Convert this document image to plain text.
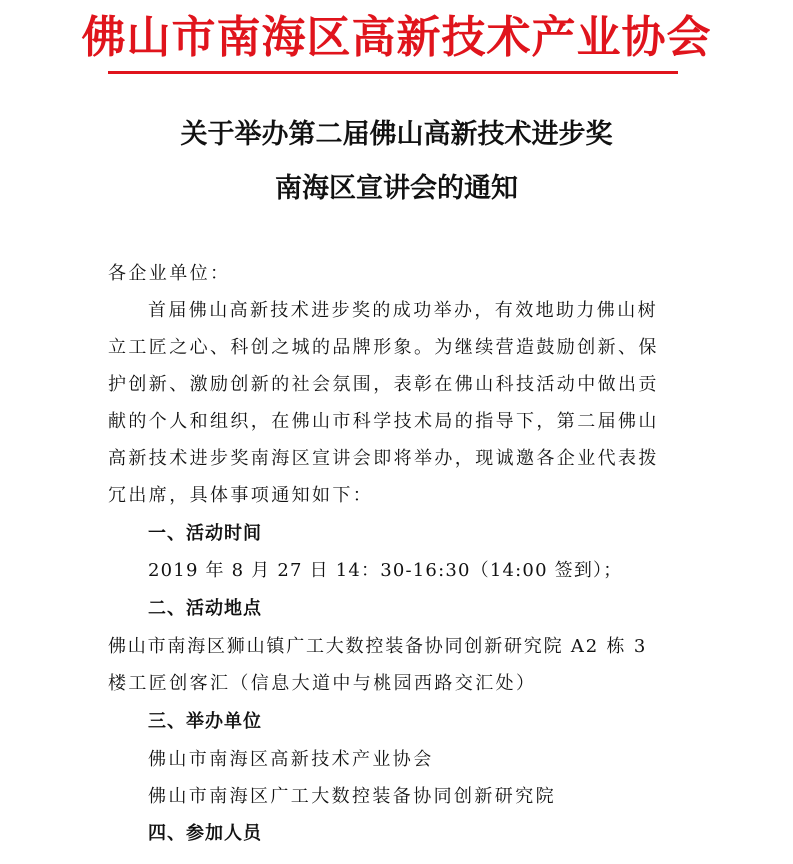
佛山市南海区高新技术产业协会
关于举办第二届佛山高新技术进步奖
南海区宣讲会的通知
各企业单位：
首届佛山高新技术进步奖的成功举办，有效地助力佛山树
立工匠之心、科创之城的品牌形象。为继续营造鼓励创新、保
护创新、激励创新的社会氛围，表彰在佛山科技活动中做出贡
献的个人和组织，在佛山市科学技术局的指导下，第二届佛山
高新技术进步奖南海区宣讲会即将举办，现诚邀各企业代表拨
冗出席，具体事项通知如下：
一、活动时间
2019 年 8 月 27 日 14：30-16:30（14:00 签到）；
二、活动地点
佛山市南海区狮山镇广工大数控装备协同创新研究院 A2 栋 3
楼工匠创客汇（信息大道中与桃园西路交汇处）
三、举办单位
佛山市南海区高新技术产业协会
佛山市南海区广工大数控装备协同创新研究院
四、参加人员
